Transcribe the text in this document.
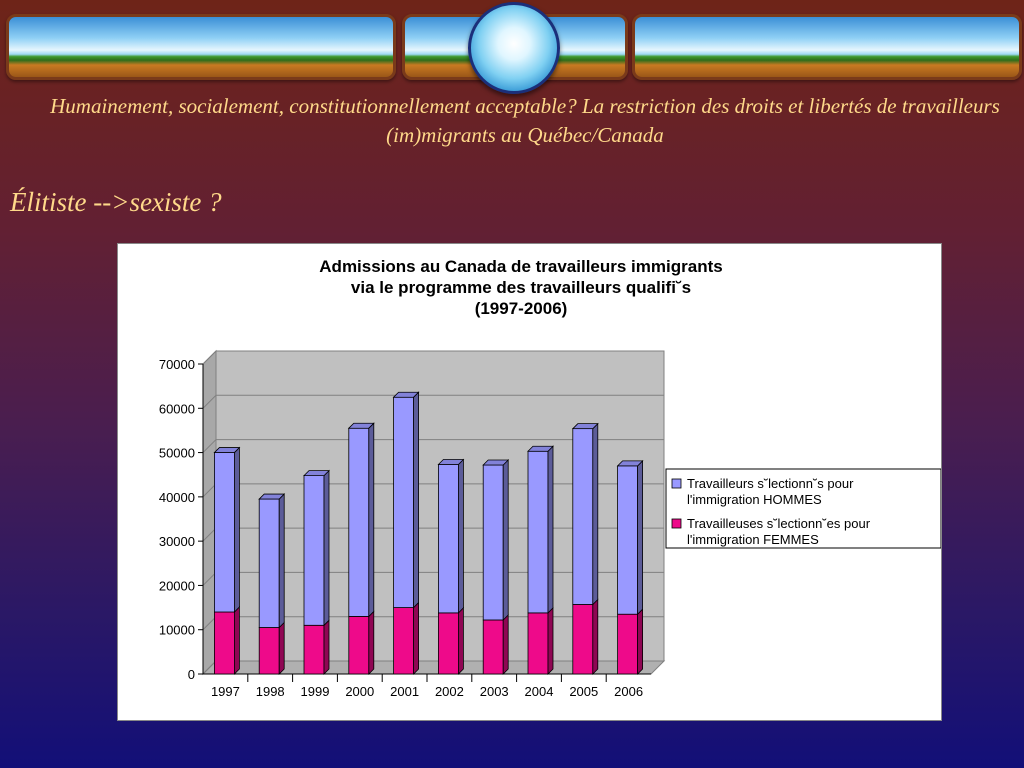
Humainement, socialement, constitutionnellement acceptable? La restriction des droits et libertés de travailleurs (im)migrants au Québec/Canada

Élitiste -->sexiste ?

Admissions au Canada de travailleurs immigrants
via le programme des travailleurs qualifi˘s
(1997-2006)
0
10000
20000
30000
40000
50000
60000
70000
1997 1998 1999 2000 2001 2002 2003 2004 2005 2006
Travailleurs s˘lectionn˘s pour
l'immigration HOMMES
Travailleuses s˘lectionn˘es pour
l'immigration FEMMES
